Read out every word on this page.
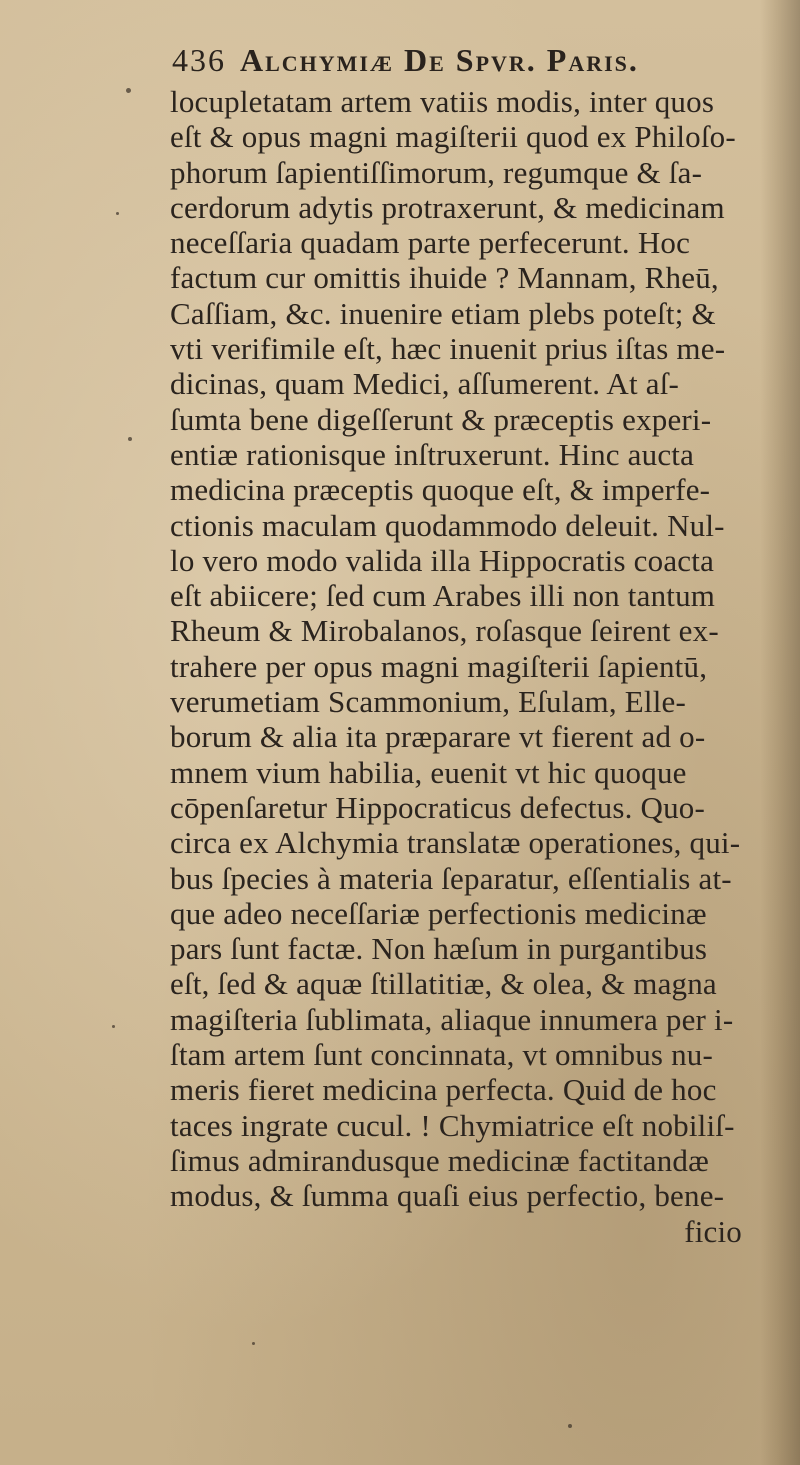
436 Alchymiæ De Spvr. Paris.
locupletatam artem vatiis modis, inter quos
eſt & opus magni magiſterii quod ex Philoſo-
phorum ſapientiſſimorum, regumque & ſa-
cerdorum adytis protraxerunt, & medicinam
neceſſaria quadam parte perfecerunt. Hoc
factum cur omittis ihuide ? Mannam, Rheū,
Caſſiam, &c. inuenire etiam plebs poteſt; &
vti verifimile eſt, hæc inuenit prius iſtas me-
dicinas, quam Medici, aſſumerent. At aſ-
ſumta bene digeſſerunt & præceptis experi-
entiæ rationisque inſtruxerunt. Hinc aucta
medicina præceptis quoque eſt, & imperfe-
ctionis maculam quodammodo deleuit. Nul-
lo vero modo valida illa Hippocratis coacta
eſt abiicere; ſed cum Arabes illi non tantum
Rheum & Mirobalanos, roſasque ſeirent ex-
trahere per opus magni magiſterii ſapientū,
verumetiam Scammonium, Eſulam, Elle-
borum & alia ita præparare vt fierent ad o-
mnem vium habilia, euenit vt hic quoque
cōpenſaretur Hippocraticus defectus. Quo-
circa ex Alchymia translatæ operationes, qui-
bus ſpecies à materia ſeparatur, eſſentialis at-
que adeo neceſſariæ perfectionis medicinæ
pars ſunt factæ. Non hæſum in purgantibus
eſt, ſed & aquæ ſtillatitiæ, & olea, & magna
magiſteria ſublimata, aliaque innumera per i-
ſtam artem ſunt concinnata, vt omnibus nu-
meris fieret medicina perfecta. Quid de hoc
taces ingrate cucul. ! Chymiatrice eſt nobiliſ-
ſimus admirandusque medicinæ factitandæ
modus, & ſumma quaſi eius perfectio, bene-
ficio
